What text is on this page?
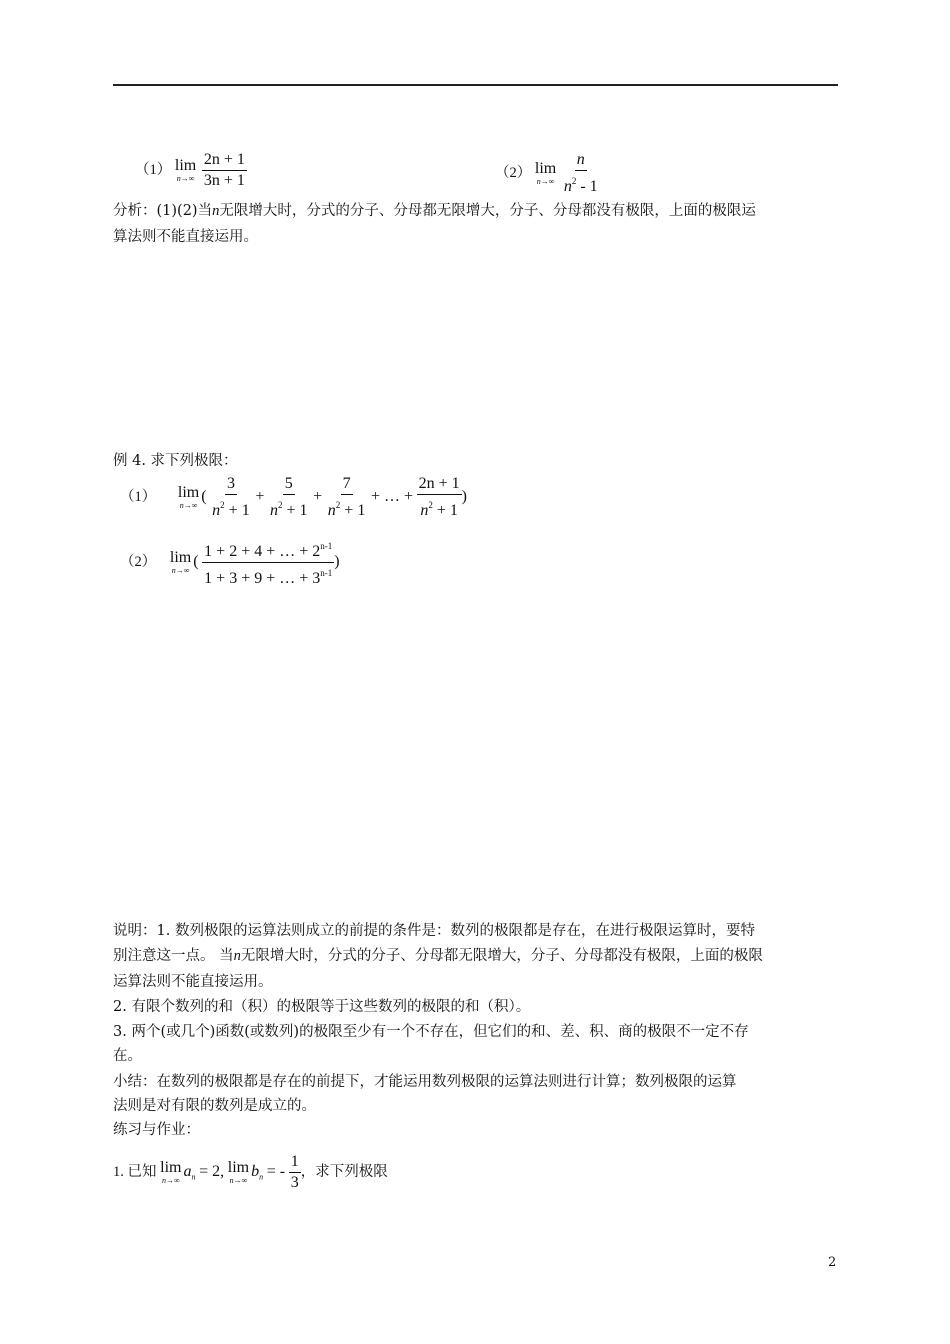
（1） lim
n→∞
$\frac{2n + 1}{3n + 1}$	（2） lim
n→∞
$\frac{n}{n^2 - 1}$
分析：(1)(2)当n无限增大时，分式的分子、分母都无限增大，分子、分母都没有极限，上面的极限运
算法则不能直接运用。
例 4. 求下列极限：
（1） lim
n→∞
( $\frac{3}{n^2 + 1} + \frac{5}{n^2 + 1} + \frac{7}{n^2 + 1}$ + … + $\frac{2n + 1}{n^2 + 1}$ )
（2） lim
n→∞
( $\frac{1 + 2 + 4 + \dots + 2^{n-1}}{1 + 3 + 9 + \dots + 3^{n-1}}$ )
说明：1. 数列极限的运算法则成立的前提的条件是：数列的极限都是存在，在进行极限运算时，要特
别注意这一点。 当n无限增大时，分式的分子、分母都无限增大，分子、分母都没有极限，上面的极限
运算法则不能直接运用。
2. 有限个数列的和（积）的极限等于这些数列的极限的和（积）。
3. 两个(或几个)函数(或数列)的极限至少有一个不存在，但它们的和、差、积、商的极限不一定不存
在。
小结：在数列的极限都是存在的前提下，才能运用数列极限的运算法则进行计算；数列极限的运算
法则是对有限的数列是成立的。
练习与作业：
1. 已知 lim
n→∞
$a_n = 2$, lim
n→∞
$b_n$ = - $\frac{1}{3}$ ，求下列极限
2
